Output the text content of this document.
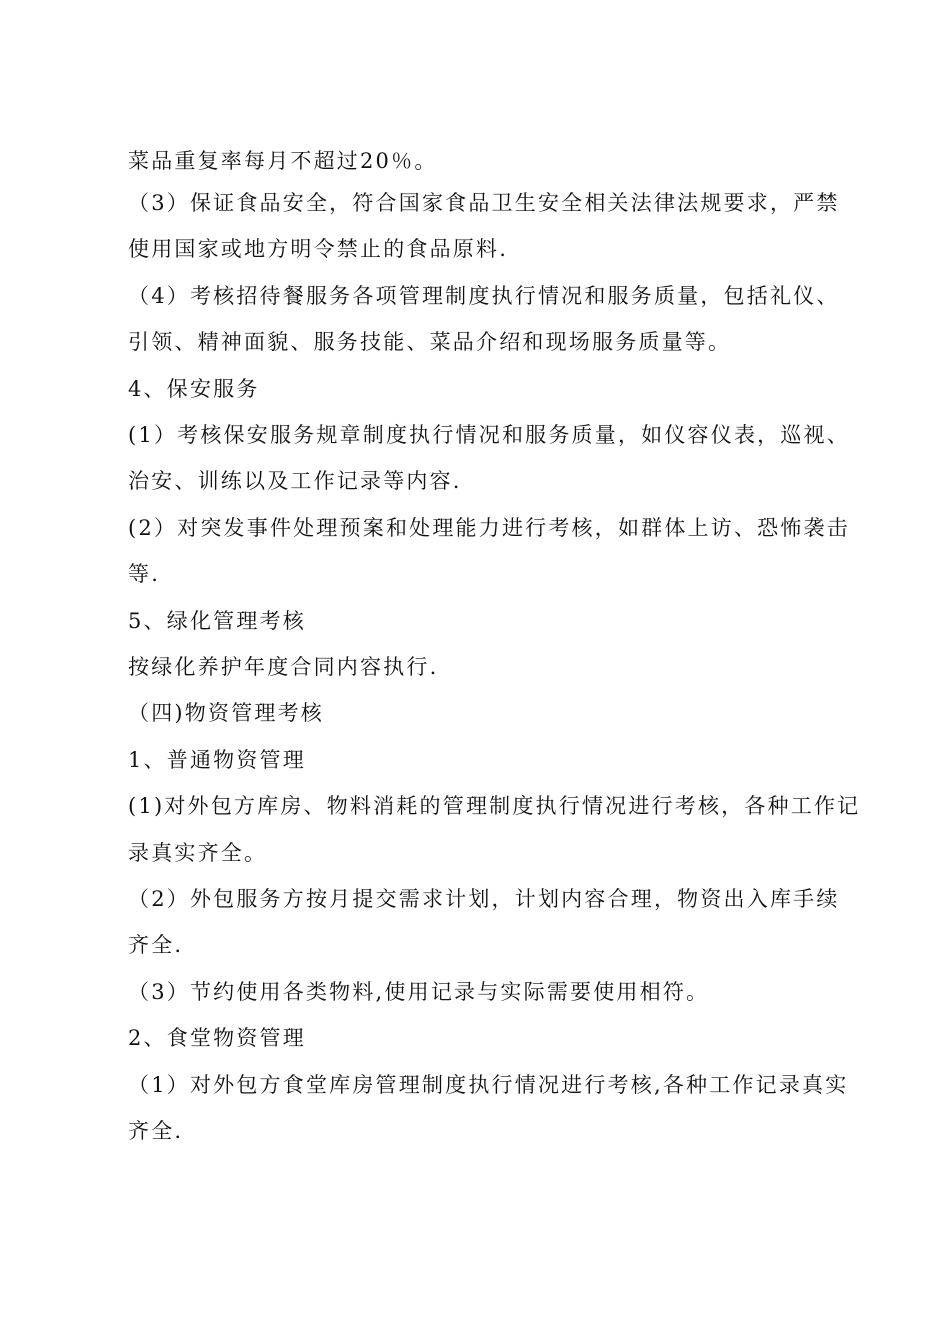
菜品重复率每月不超过20％。
（3）保证食品安全，符合国家食品卫生安全相关法律法规要求，严禁
使用国家或地方明令禁止的食品原料.
（4）考核招待餐服务各项管理制度执行情况和服务质量，包括礼仪、
引领、精神面貌、服务技能、菜品介绍和现场服务质量等。
4、保安服务
(1）考核保安服务规章制度执行情况和服务质量，如仪容仪表，巡视、
治安、训练以及工作记录等内容.
(2）对突发事件处理预案和处理能力进行考核，如群体上访、恐怖袭击
等.
5、绿化管理考核
按绿化养护年度合同内容执行.
（四)物资管理考核
1、普通物资管理
(1)对外包方库房、物料消耗的管理制度执行情况进行考核，各种工作记
录真实齐全。
（2）外包服务方按月提交需求计划，计划内容合理，物资出入库手续
齐全.
（3）节约使用各类物料,使用记录与实际需要使用相符。
2、食堂物资管理
（1）对外包方食堂库房管理制度执行情况进行考核,各种工作记录真实
齐全.
